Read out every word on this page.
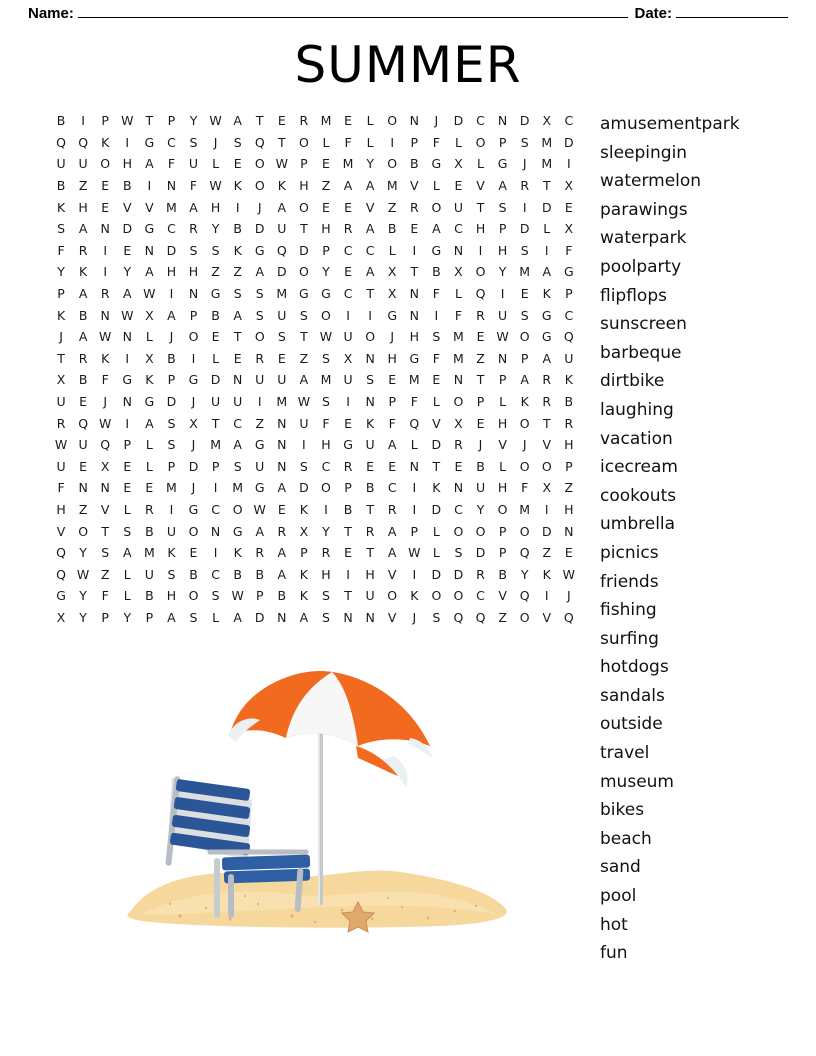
Name:	Date:
SUMMER
B	I	P W T	P	Y W A	T	E	R M	E	L	O N	J	D	C	N	D	X	C
Q Q	K	I	G	C	S	J	S	Q	T	O	L	F	L	I	P	F	L	O	P	S	M D
U	U	O H	A	F	U	L	E	O W P	E	M	Y	O	B	G	X	L	G	J	M	I
B	Z	E	B	I	N	F W K	O	K	H	Z	A	A M V	L	E	V	A	R	T	X
K	H	E	V	V M A	H	I	J	A	O	E	E	V	Z	R	O	U	T	S	I	D	E
S	A	N	D G	C	R	Y	B	D	U	T	H	R	A	B	E	A	C	H	P	D	L	X
F	R	I	E	N	D	S	S	K	G Q D	P	C	C	L	I	G	N	I	H	S	I	F
Y	K	I	Y	A	H	H	Z	Z	A	D O	Y	E	A	X	T	B	X	O	Y	M A	G
P	A	R	A W	I	N	G	S	S	M G G	C	T	X	N	F	L	Q	I	E	K	P
K	B	N W X	A	P	B	A	S	U	S	O	I	I	G	N	I	F	R	U	S	G	C
J	A W N	L	J	O	E	T	O	S	T W U	O	J	H	S	M	E W O G Q
T	R	K	I	X	B	I	L	E	R	E	Z	S	X	N	H	G	F	M Z	N	P	A	U
X	B	F	G	K	P	G D	N	U	U	A M U	S	E	M	E	N	T	P	A	R	K
U	E	J	N	G D	J	U	U	I	M W S	I	N	P	F	L	O	P	L	K	R	B
R	Q W	I	A	S	X	T	C	Z	N	U	F	E	K	F	Q	V	X	E	H O	T	R
W U	Q	P	L	S	J	M A	G	N	I	H	G	U	A	L	D	R	J	V	J	V	H
U	E	X	E	L	P	D	P	S	U	N	S	C	R	E	E	N	T	E	B	L	O O	P
F	N	N	E	E	M	J	I	M G	A	D O	P	B	C	I	K	N	U	H	F	X	Z
H	Z	V	L	R	I	G	C	O W E	K	I	B	T	R	I	D	C	Y	O M	I	H
V	O	T	S	B	U	O N	G	A	R	X	Y	T	R	A	P	L	O O	P	O D	N
Q	Y	S	A M	K	E	I	K	R	A	P	R	E	T	A W L	S	D	P	Q	Z	E
Q W Z	L	U	S	B	C	B	B	A	K	H	I	H	V	I	D D	R	B	Y	K W
G	Y	F	L	B	H O	S W P	B	K	S	T	U	O	K	O O	C	V	Q	I	J
X	Y	P	Y	P	A	S	L	A	D	N	A	S	N	N	V	J	S	Q Q	Z	O	V	Q
amusementpark
sleepingin
watermelon
parawings
waterpark
poolparty
flipflops
sunscreen
barbeque
dirtbike
laughing
vacation
icecream
cookouts
umbrella
picnics
friends
fishing
surfing
hotdogs
sandals
outside
travel
museum
bikes
beach
sand
pool
hot
fun
